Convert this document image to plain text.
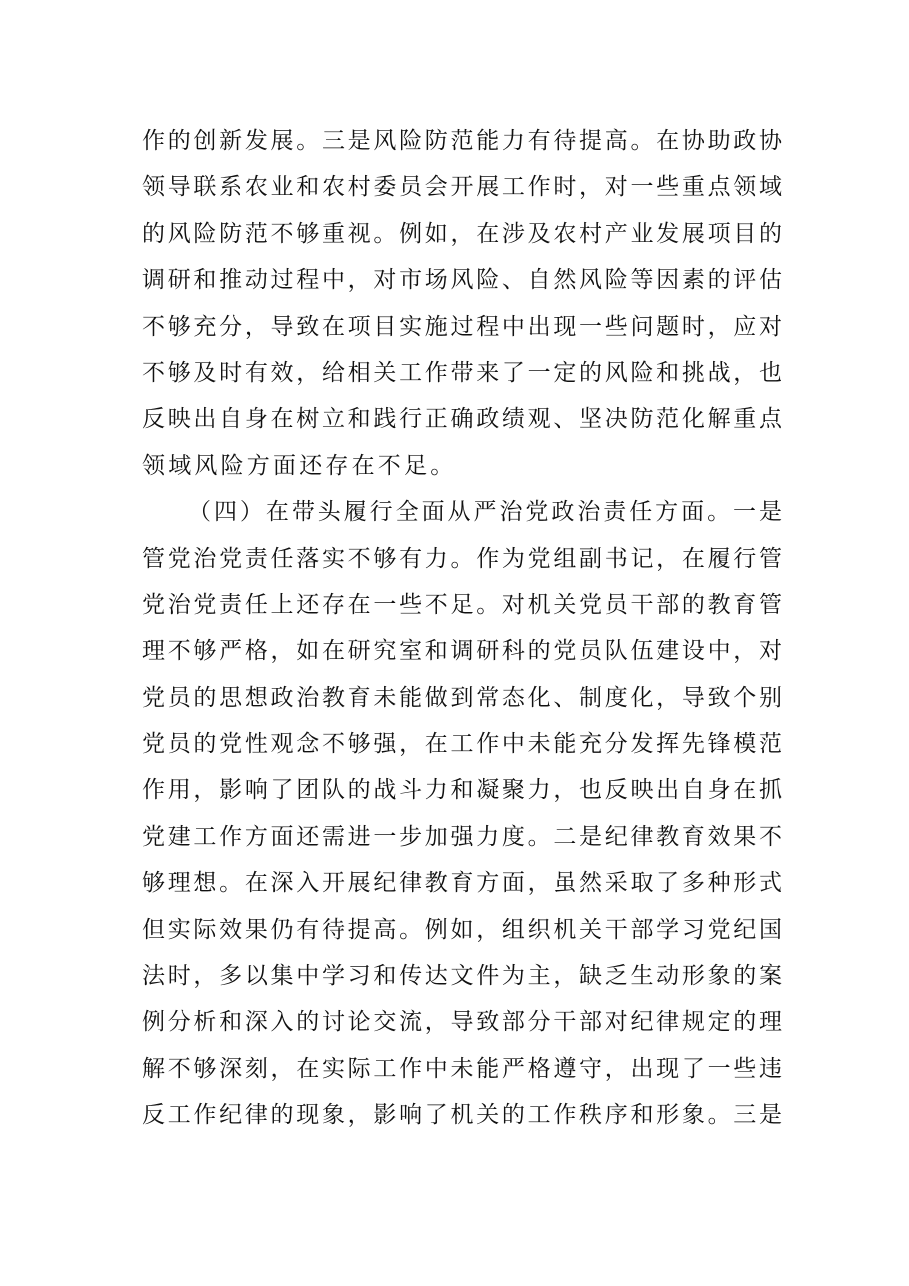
作的创新发展。三是风险防范能力有待提高。在协助政协
领导联系农业和农村委员会开展工作时，对一些重点领域
的风险防范不够重视。例如，在涉及农村产业发展项目的
调研和推动过程中，对市场风险、自然风险等因素的评估
不够充分，导致在项目实施过程中出现一些问题时，应对
不够及时有效，给相关工作带来了一定的风险和挑战，也
反映出自身在树立和践行正确政绩观、坚决防范化解重点
领域风险方面还存在不足。
（四）在带头履行全面从严治党政治责任方面。一是
管党治党责任落实不够有力。作为党组副书记，在履行管
党治党责任上还存在一些不足。对机关党员干部的教育管
理不够严格，如在研究室和调研科的党员队伍建设中，对
党员的思想政治教育未能做到常态化、制度化，导致个别
党员的党性观念不够强，在工作中未能充分发挥先锋模范
作用，影响了团队的战斗力和凝聚力，也反映出自身在抓
党建工作方面还需进一步加强力度。二是纪律教育效果不
够理想。在深入开展纪律教育方面，虽然采取了多种形式
但实际效果仍有待提高。例如，组织机关干部学习党纪国
法时，多以集中学习和传达文件为主，缺乏生动形象的案
例分析和深入的讨论交流，导致部分干部对纪律规定的理
解不够深刻，在实际工作中未能严格遵守，出现了一些违
反工作纪律的现象，影响了机关的工作秩序和形象。三是
